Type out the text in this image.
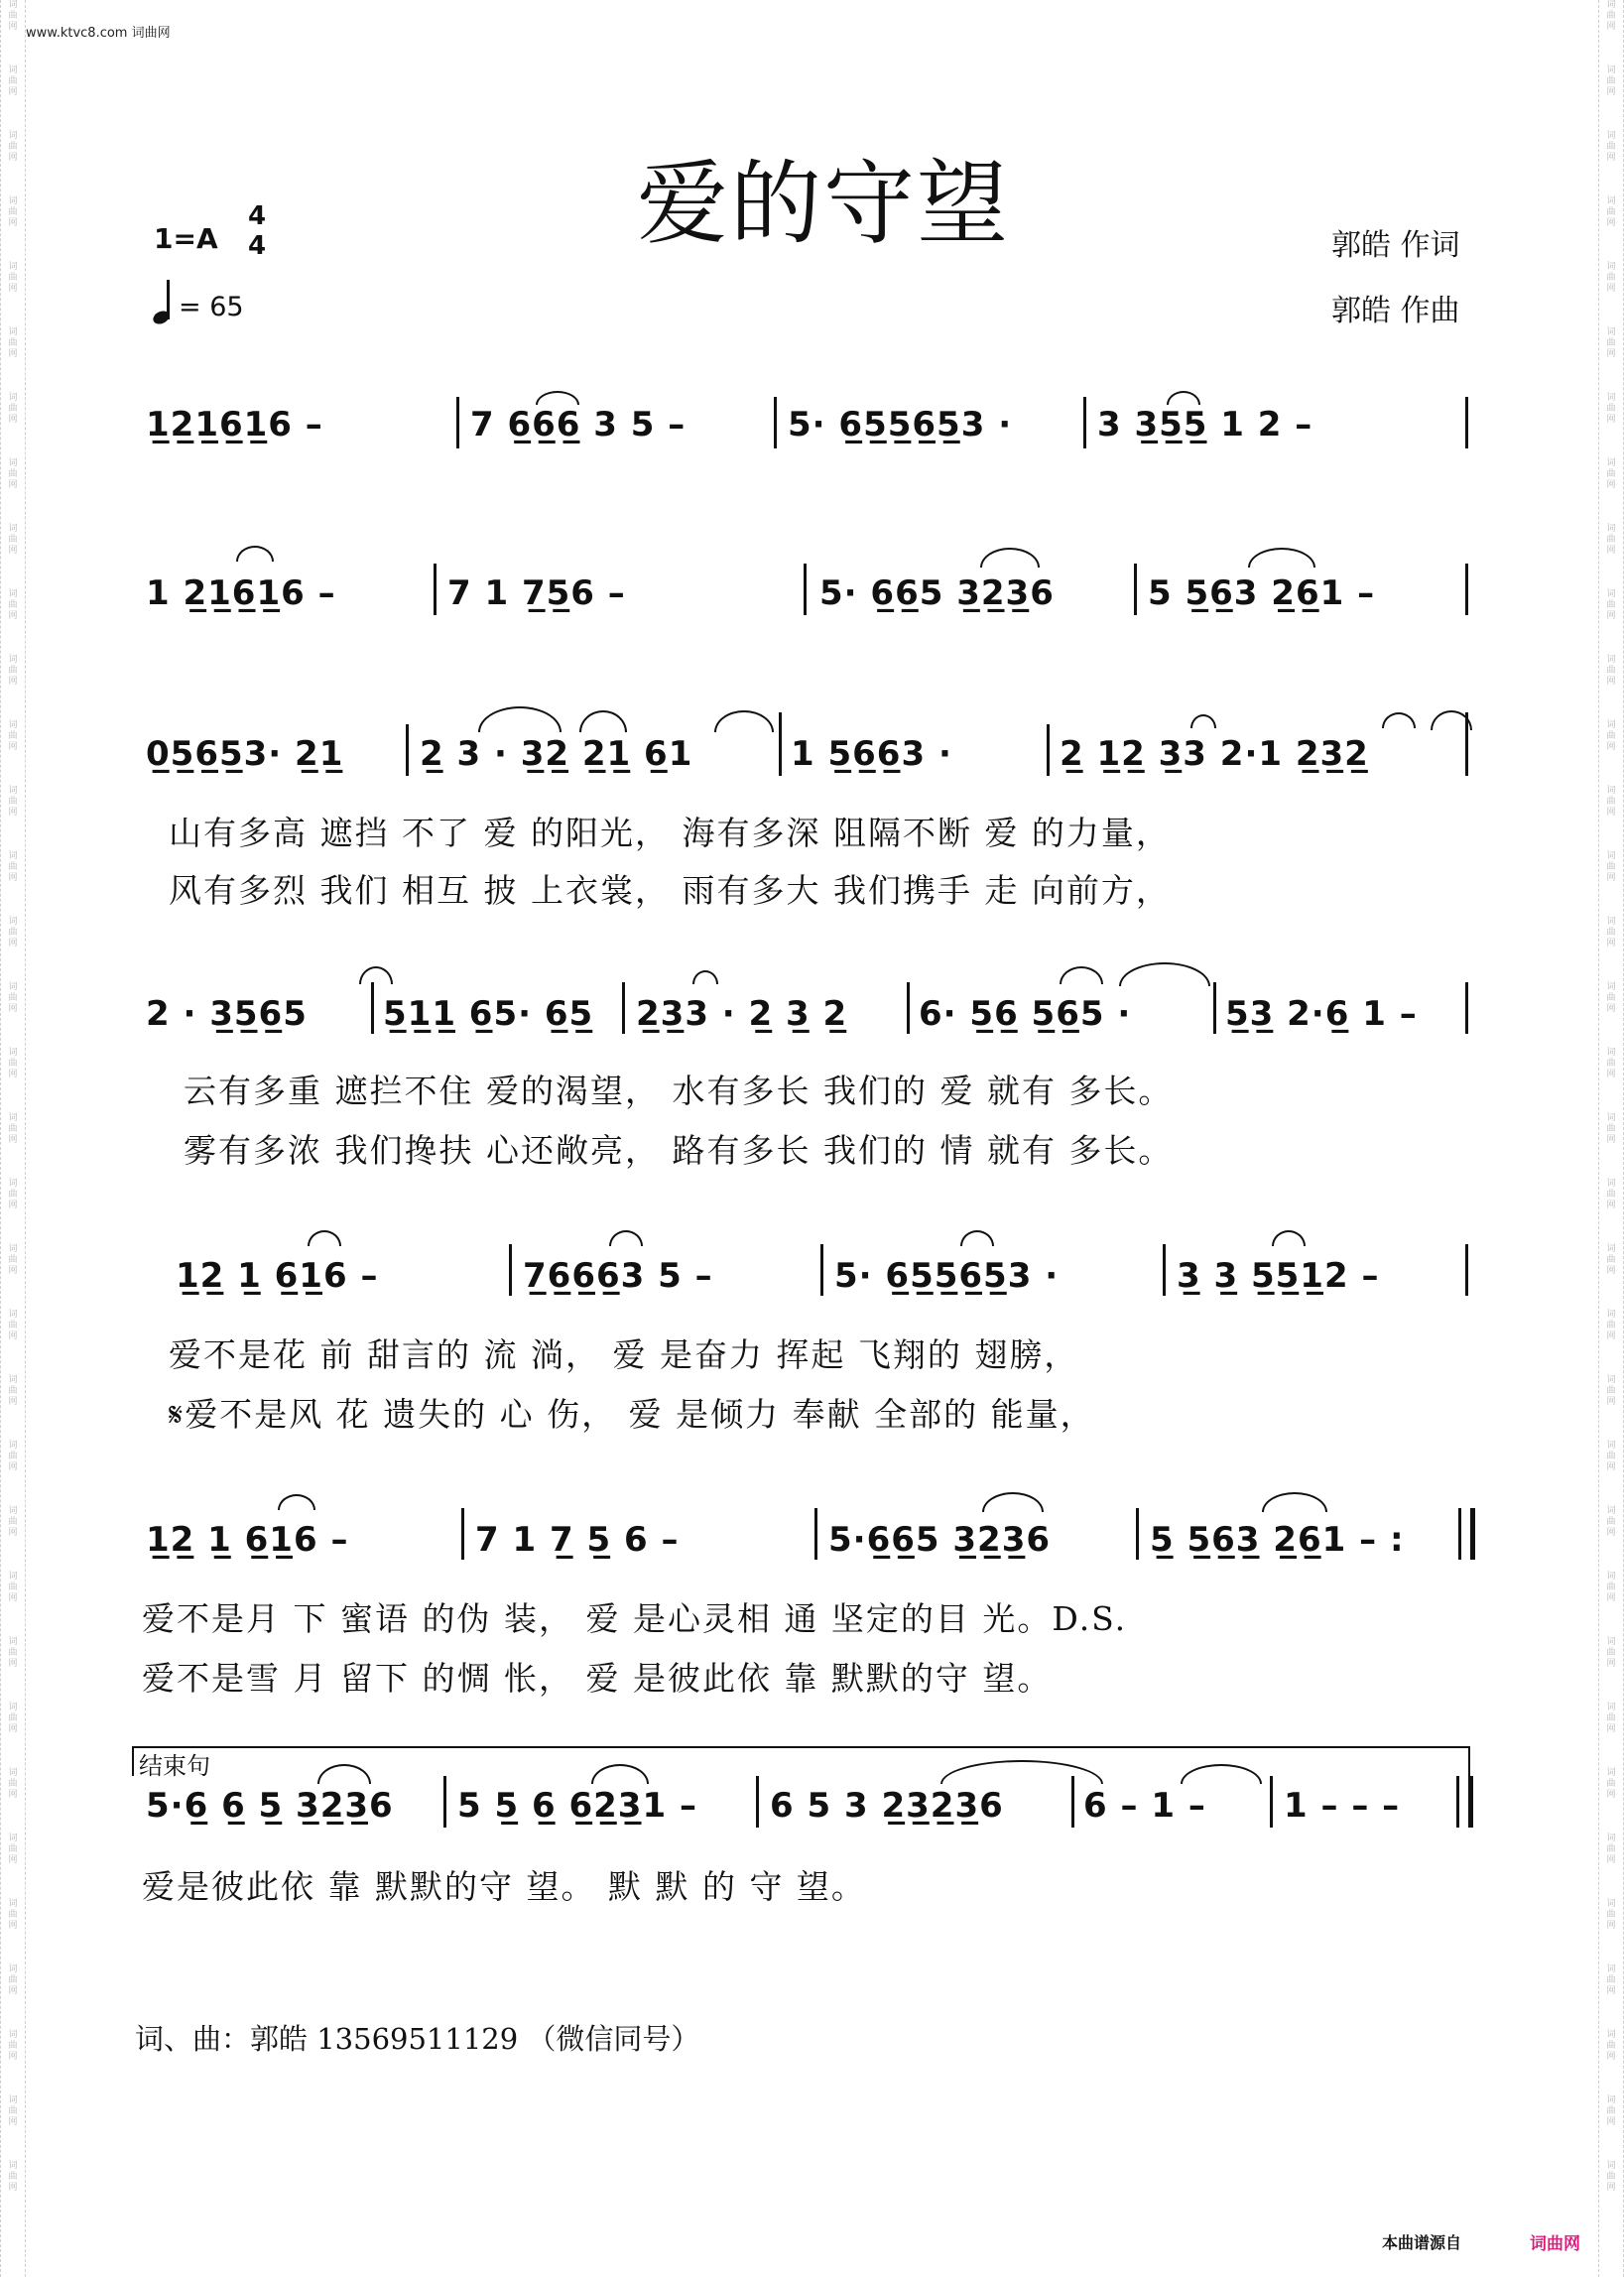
词
曲
网
词
曲
网
词
曲
网
词
曲
网
词
曲
网
词
曲
网
词
曲
网
词
曲
网
词
曲
网
词
曲
网
词
曲
网
词
曲
网
词
曲
网
词
曲
网
词
曲
网
词
曲
网
词
曲
网
词
曲
网
词
曲
网
词
曲
网
词
曲
网
词
曲
网
词
曲
网
词
曲
网
词
曲
网
词
曲
网
词
曲
网
词
曲
网
词
曲
网
词
曲
网
词
曲
网
词
曲
网
词
曲
网
词
曲
网
词
曲
网
词
曲
网
词
曲
网
词
曲
网
词
曲
网
词
曲
网
词
曲
网
词
曲
网
词
曲
网
词
曲
网
词
曲
网
词
曲
网
词
曲
网
词
曲
网
词
曲
网
词
曲
网
词
曲
网
词
曲
网
词
曲
网
词
曲
网
词
曲
网
词
曲
网
词
曲
网
词
曲
网
词
曲
网
词
曲
网
词
曲
网
词
曲
网
词
曲
网
词
曲
网
词
曲
网
词
曲
网
词
曲
网
词
曲
网
www.ktvc8.com 词曲网
爱的守望
1=A
4
4
= 65
郭皓 作词
郭皓 作曲
1̲2̲1̲6̲1̲6 –	7 6̲6̲6̲ 3 5 –	5· 6̲5̲5̲6̲5̲3 ·	3 3̲5̲5̲ 1 2 –
1 2̲1̲6̲1̲6 –	7 1 7̲5̲6 –	5· 6̲6̲5 3̲2̲3̲6	5 5̲6̲3 2̲6̲1 –
0̲5̲6̲5̲3· 2̲1̲ 2̲ 3 · 3̲2̲ 2̲1̲ 6̲1	1 5̲6̲6̲3 ·	2̲ 1̲2̲ 3̲3 2·1 2̲3̲2̲
山有多高 遮挡 不了 爱 的阳光， 海有多深 阻隔不断 爱 的力量，
风有多烈 我们 相互 披 上衣裳， 雨有多大 我们携手 走 向前方，
2 · 3̲5̲6̲5 5̲1̲1̲ 6̲5· 6̲5̲ 2̲3̲3 · 2̲ 3̲ 2̲ 6· 5̲6̲ 5̲6̲5 ·	5̲3̲ 2·6̲ 1 –
云有多重 遮拦不住 爱的渴望， 水有多长 我们的 爱 就有 多长。
雾有多浓 我们搀扶 心还敞亮， 路有多长 我们的 情 就有 多长。
1̲2̲ 1̲ 6̲1̲6 –	7̲6̲6̲6̲3 5 –	5· 6̲5̲5̲6̲5̲3 ·	3̲ 3̲ 5̲5̲1̲2 –
爱不是花 前 甜言的 流 淌， 爱 是奋力 挥起 飞翔的 翅膀，
𝄋爱不是风 花 遗失的 心 伤， 爱 是倾力 奉献 全部的 能量，
1̲2̲ 1̲ 6̲1̲6 –	7 1 7̲ 5̲ 6 –	5·6̲6̲5 3̲2̲3̲6	5̲ 5̲6̲3̲ 2̲6̲1 – :
爱不是月 下 蜜语 的伪 装， 爱 是心灵相 通 坚定的目 光。D.S.
爱不是雪 月 留下 的惆 怅， 爱 是彼此依 靠 默默的守 望。
结束句
5·6̲ 6̲ 5̲ 3̲2̲3̲6 5 5̲ 6̲ 6̲2̲3̲1 – 6 5 3 2̲3̲2̲3̲6 6 – 1 – 1 – – –
爱是彼此依 靠 默默的守 望。 默 默 的 守 望。
词、曲：郭皓 13569511129 （微信同号）
本曲谱源自	词曲网
